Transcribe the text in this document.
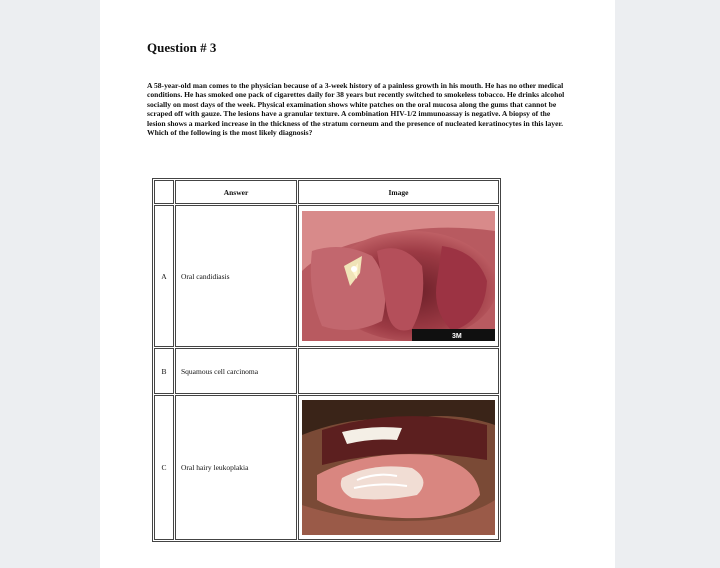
Question # 3
A 58-year-old man comes to the physician because of a 3-week history of a painless growth in his mouth. He has no other medical conditions. He has smoked one pack of cigarettes daily for 38 years but recently switched to smokeless tobacco. He drinks alcohol socially on most days of the week. Physical examination shows white patches on the oral mucosa along the gums that cannot be scraped off with gauze. The lesions have a granular texture. A combination HIV-1/2 immunoassay is negative. A biopsy of the lesion shows a marked increase in the thickness of the stratum corneum and the presence of nucleated keratinocytes in this layer. Which of the following is the most likely diagnosis?
	Answer	Image
A	Oral candidiasis	3M

B	Squamous cell carcinoma	
C	Oral hairy leukoplakia	
